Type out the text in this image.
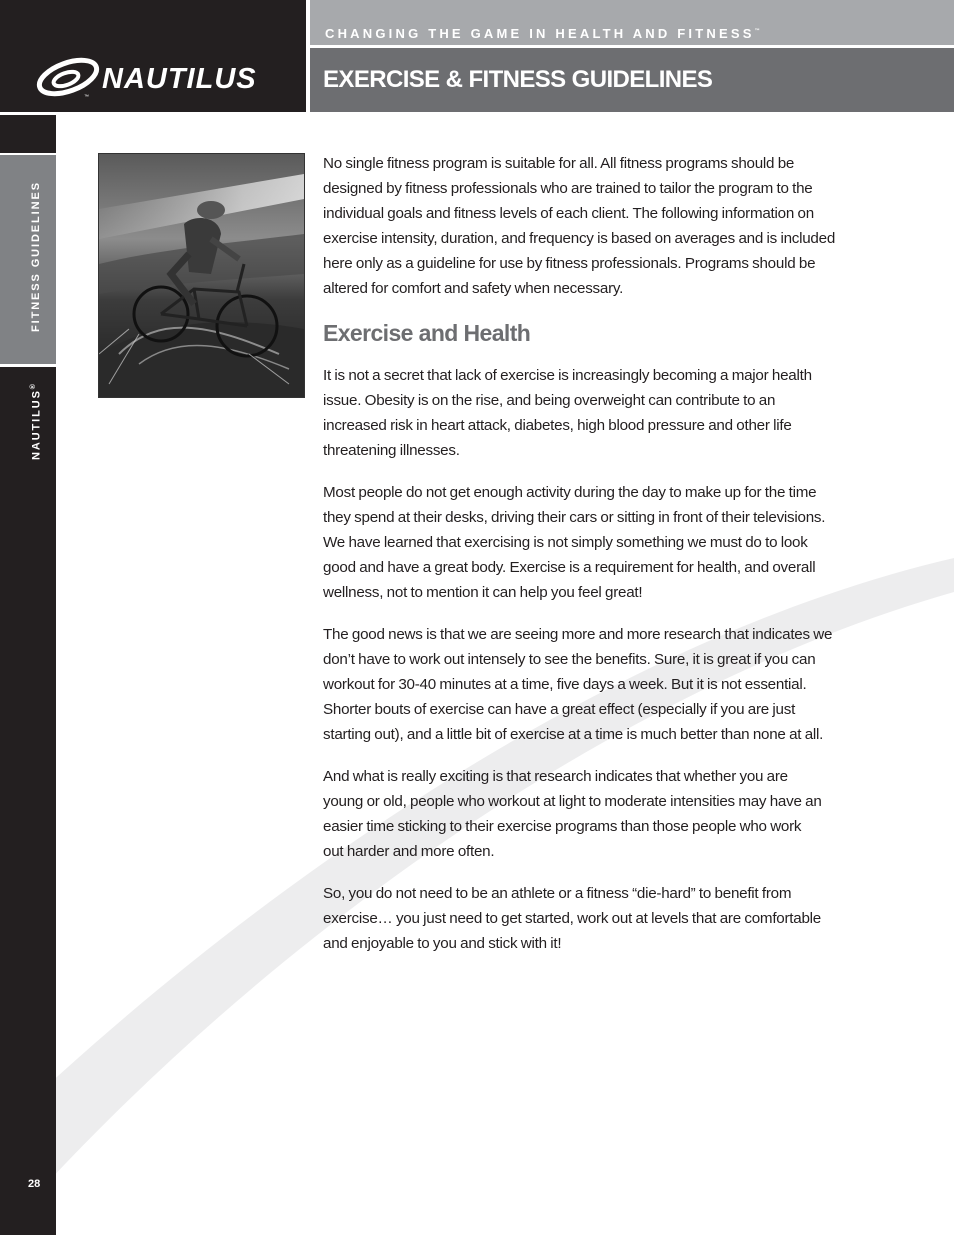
NAUTILUS
™
CHANGING THE GAME IN HEALTH AND FITNESS™
EXERCISE & FITNESS GUIDELINES
FITNESS GUIDELINES
NAUTILUS®
28

No single fitness program is suitable for all. All fitness programs should be
designed by fitness professionals who are trained to tailor the program to the
individual goals and fitness levels of each client. The following information on
exercise intensity, duration, and frequency is based on averages and is included
here only as a guideline for use by fitness professionals. Programs should be
altered for comfort and safety when necessary.

Exercise and Health

It is not a secret that lack of exercise is increasingly becoming a major health
issue. Obesity is on the rise, and being overweight can contribute to an
increased risk in heart attack, diabetes, high blood pressure and other life
threatening illnesses.

Most people do not get enough activity during the day to make up for the time
they spend at their desks, driving their cars or sitting in front of their televisions.
We have learned that exercising is not simply something we must do to look
good and have a great body. Exercise is a requirement for health, and overall
wellness, not to mention it can help you feel great!

The good news is that we are seeing more and more research that indicates we
don’t have to work out intensely to see the benefits. Sure, it is great if you can
workout for 30-40 minutes at a time, five days a week. But it is not essential.
Shorter bouts of exercise can have a great effect (especially if you are just
starting out), and a little bit of exercise at a time is much better than none at all.

And what is really exciting is that research indicates that whether you are
young or old, people who workout at light to moderate intensities may have an
easier time sticking to their exercise programs than those people who work
out harder and more often.

So, you do not need to be an athlete or a fitness “die-hard” to benefit from
exercise… you just need to get started, work out at levels that are comfortable
and enjoyable to you and stick with it!
